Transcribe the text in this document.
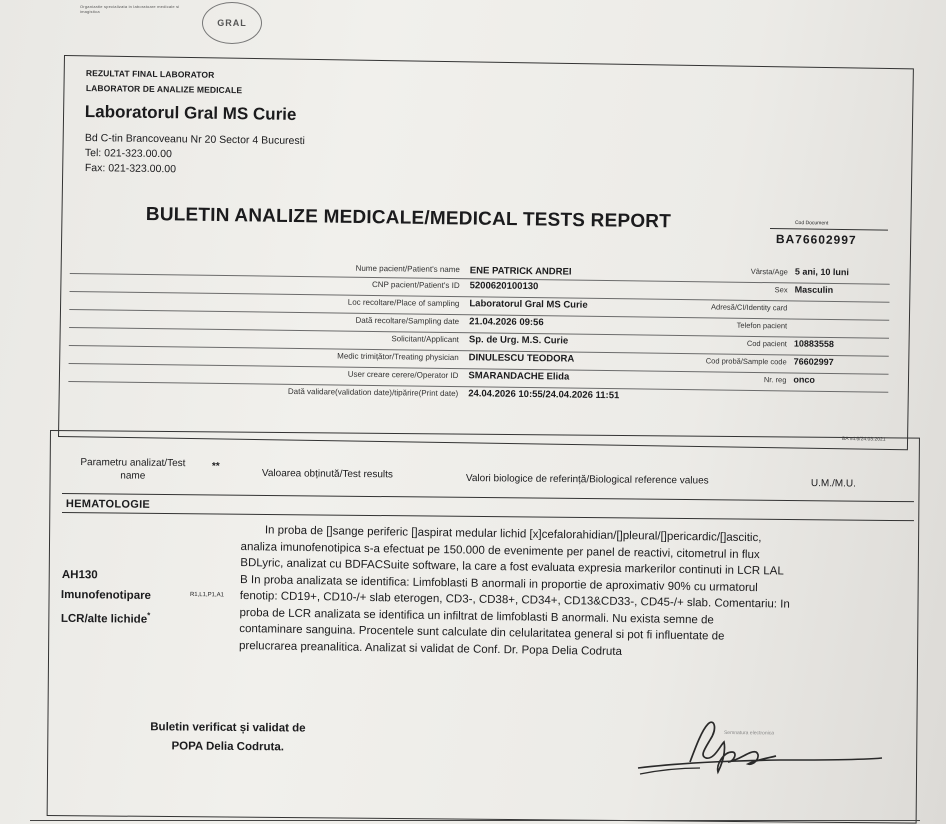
Organizatie specializata in laboratoare medicale si imagistica
GRAL
REZULTAT FINAL LABORATOR
LABORATOR DE ANALIZE MEDICALE
Laboratorul Gral MS Curie
Bd C-tin Brancoveanu Nr 20 Sector 4 Bucuresti
Tel: 021-323.00.00
Fax: 021-323.00.00
BULETIN ANALIZE MEDICALE/MEDICAL TESTS REPORT	Cod Document
BA76602997
Nume pacient/Patient's name ENE PATRICK ANDREI	Vârsta/Age 5 ani, 10 luni
CNP pacient/Patient's ID 5200620100130	Sex Masculin
Loc recoltare/Place of sampling Laboratorul Gral MS Curie	Adresă/CI/Identity card
Dată recoltare/Sampling date 21.04.2026 09:56	Telefon pacient
Solicitant/Applicant Sp. de Urg. M.S. Curie	Cod pacient 10883558
Medic trimițător/Treating physician DINULESCU TEODORA	Cod probă/Sample code 76602997
User creare cerere/Operator ID SMARANDACHE Elida	Nr. reg onco
Dată validare(validation date)/tipărire(Print date) 24.04.2026 10:55/24.04.2026 11:51
BA v4.6/24.03.2021
Parametru analizat/Test name
**
Valoarea obținută/Test results	Valori biologice de referință/Biological reference values	U.M./M.U.
HEMATOLOGIE
AH130
Imunofenotipare
LCR/alte lichide*
R1,L1,P1,A1
In proba de []sange periferic []aspirat medular lichid [x]cefalorahidian/[]pleural/[]pericardic/[]ascitic,
analiza imunofenotipica s-a efectuat pe 150.000 de evenimente per panel de reactivi, citometrul in flux
BDLyric, analizat cu BDFACSuite software, la care a fost evaluata expresia markerilor continuti in LCR LAL
B In proba analizata se identifica: Limfoblasti B anormali in proportie de aproximativ 90% cu urmatorul
fenotip: CD19+, CD10-/+ slab eterogen, CD3-, CD38+, CD34+, CD13&CD33-, CD45-/+ slab. Comentariu: In
proba de LCR analizata se identifica un infiltrat de limfoblasti B anormali. Nu exista semne de
contaminare sanguina. Procentele sunt calculate din celularitatea general si pot fi influentate de
prelucrarea preanalitica. Analizat si validat de Conf. Dr. Popa Delia Codruta
Buletin verificat și validat de
POPA Delia Codruta.
Semnatura electronica
